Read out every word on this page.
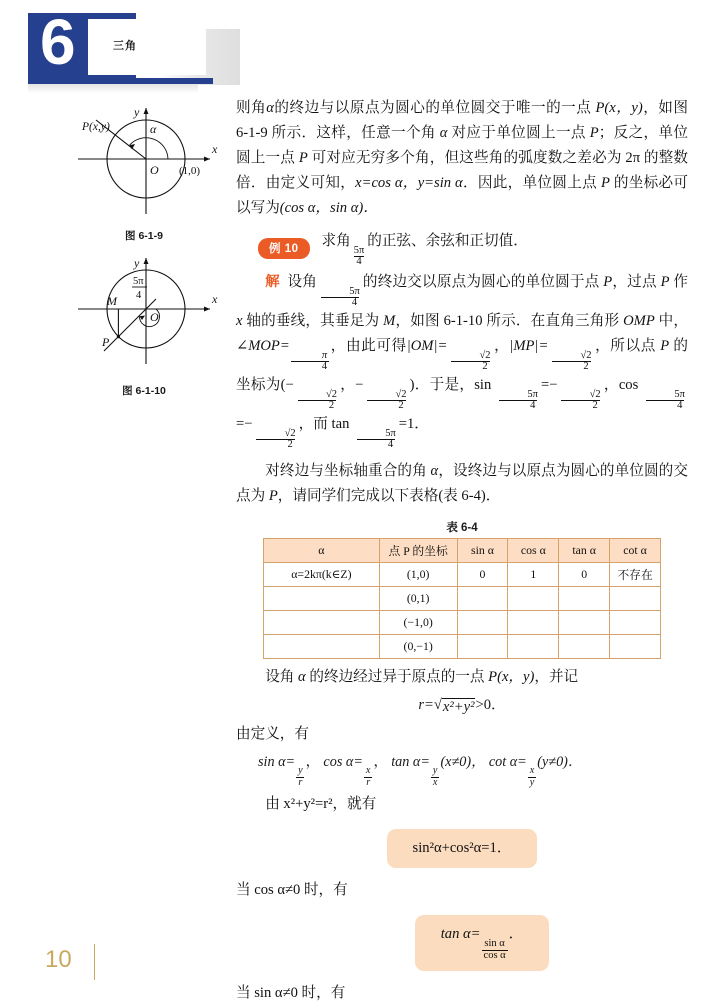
6	三角
P(x,y)	α
O (1,0)
x
y
图 6-1-9
5π
4
M
P
O
x
y
图 6-1-10

则角α的终边与以原点为圆心的单位圆交于唯一的一点 P(x，y)，如图 6-1-9 所示．这样，任意一个角 α 对应于单位圆上一点 P；反之，单位圆上一点 P 可对应无穷多个角，但这些角的弧度数之差必为 2π 的整数倍．由定义可知，x=cos α，y=sin α．因此，单位圆上点 P 的坐标必可以写为(cos α，sin α)．

例 10	求角
$\frac{5\pi}{4}$
的正弦、余弦和正切值．

解 设角
$\frac{5\pi}{4}$
的终边交以原点为圆心的单位圆于点 P，过点 P 作 x 轴的垂线，其垂足为 M，如图 6-1-10 所示．在直角三角形 OMP 中，∠MOP=
$\frac{\pi}{4}$
，由此可得|OM|=
$\frac{√2}{2}$
，|MP|=
$\frac{√2}{2}$
，所以点 P 的坐标为(−
$\frac{√2}{2}$
，−
$\frac{√2}{2}$
)．于是，sin
$\frac{5\pi}{4}$
=−
$\frac{√2}{2}$
，cos
$\frac{5\pi}{4}$
=−
$\frac{√2}{2}$
，而 tan
$\frac{5\pi}{4}$
=1．

对终边与坐标轴重合的角 α，设终边与以原点为圆心的单位圆的交点为 P，请同学们完成以下表格(表 6-4)．

表 6-4
α	点 P 的坐标	sin α	cos α	tan α	cot α
α=2kπ(k∈Z)	(1,0)	0	1	0	不存在
	(0,1)				
	(−1,0)				
	(0,−1)				

设角 α 的终边经过异于原点的一点 P(x，y)，并记

r= √ x²+y² >0．

由定义，有

sin α=
$\frac{y}{r}$
， cos α=
$\frac{x}{r}$
， tan α=
$\frac{y}{x}$
(x≠0)， cot α=
$\frac{x}{y}$
(y≠0)．

由 x²+y²=r²，就有

sin²α+cos²α=1．

当 cos α≠0 时，有

tan α=
$\frac{\text{sin α}}{\text{cos α}}$
．

当 sin α≠0 时，有

10
